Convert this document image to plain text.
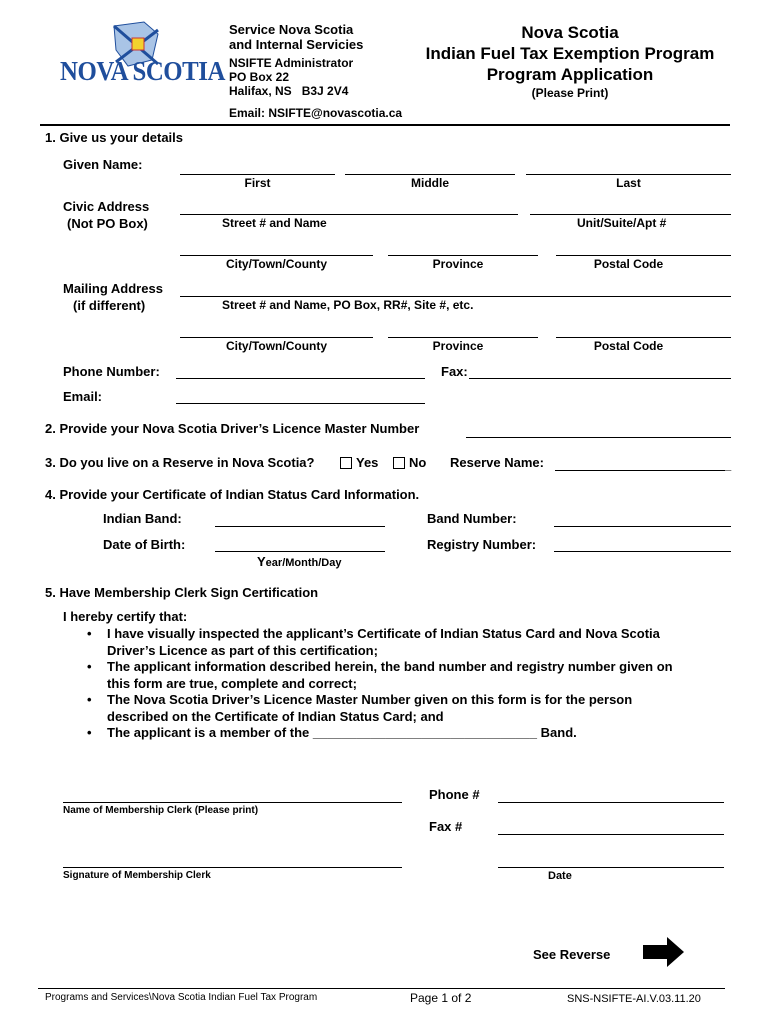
NOVA SCOTIA
Service Nova Scotia
and Internal Servicies
NSIFTE Administrator
PO Box 22
Halifax, NS   B3J 2V4
Email: NSIFTE@novascotia.ca
Nova Scotia
Indian Fuel Tax Exemption Program
Program Application
(Please Print)
1. Give us your details
Given Name:
First	Middle	Last
Civic Address
(Not PO Box)	Street # and Name	Unit/Suite/Apt #
City/Town/County	Province	Postal Code
Mailing Address
(if different)	Street # and Name, PO Box, RR#, Site #, etc.
City/Town/County	Province	Postal Code
Phone Number:	Fax:
Email:
2. Provide your Nova Scotia Driver’s Licence Master Number
3. Do you live on a Reserve in Nova Scotia?	Yes	No Reserve Name:	_
4. Provide your Certificate of Indian Status Card Information.
Indian Band:	Band Number:
Date of Birth:	Registry Number:
Year/Month/Day
5. Have Membership Clerk Sign Certification
I hereby certify that:
• I have visually inspected the applicant’s Certificate of Indian Status Card and Nova Scotia Driver’s Licence as part of this certification;
• The applicant information described herein, the band number and registry number given on this form are true, complete and correct;
• The Nova Scotia Driver’s Licence Master Number given on this form is for the person described on the Certificate of Indian Status Card; and
• The applicant is a member of the _______________________________ Band.
Name of Membership Clerk (Please print)
Phone #
Fax #
Signature of Membership Clerk	Date
See Reverse
Programs and Services\Nova Scotia Indian Fuel Tax Program	Page 1 of 2	SNS-NSIFTE-AI.V.03.11.20
